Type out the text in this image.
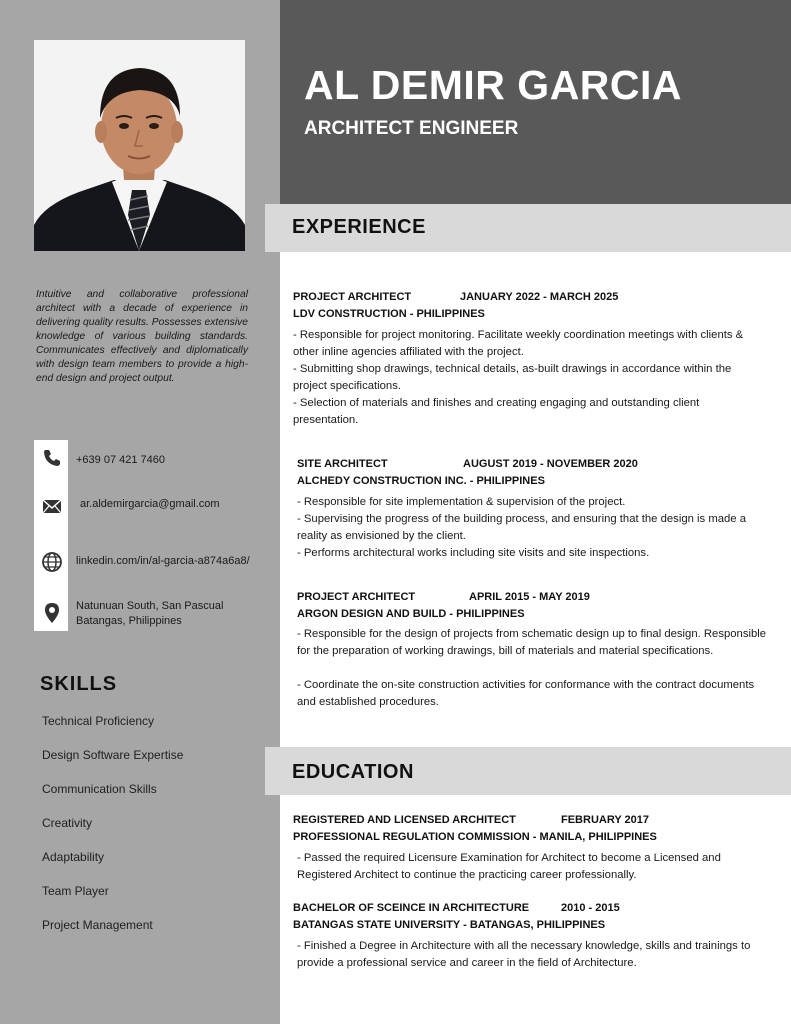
AL DEMIR GARCIA
ARCHITECT ENGINEER
Intuitive and collaborative professional architect with a decade of experience in delivering quality results. Possesses extensive knowledge of various building standards. Communicates effectively and diplomatically with design team members to provide a high-end design and project output.
+639 07 421 7460
ar.aldemirgarcia@gmail.com
linkedin.com/in/al-garcia-a874a6a8/
Natunuan South, San Pascual
Batangas, Philippines
SKILLS
Technical Proficiency
Design Software Expertise
Communication Skills
Creativity
Adaptability
Team Player
Project Management
EXPERIENCE
PROJECT ARCHITECT	JANUARY 2022 - MARCH 2025
LDV CONSTRUCTION - PHILIPPINES
- Responsible for project monitoring. Facilitate weekly coordination meetings with clients & other inline agencies affiliated with the project.
- Submitting shop drawings, technical details, as-built drawings in accordance within the project specifications.
- Selection of materials and finishes and creating engaging and outstanding client presentation.
SITE ARCHITECT	AUGUST 2019 - NOVEMBER 2020
ALCHEDY CONSTRUCTION INC. - PHILIPPINES
- Responsible for site implementation & supervision of the project.
- Supervising the progress of the building process, and ensuring that the design is made a reality as envisioned by the client.
- Performs architectural works including site visits and site inspections.
PROJECT ARCHITECT	APRIL 2015 - MAY 2019
ARGON DESIGN AND BUILD - PHILIPPINES
- Responsible for the design of projects from schematic design up to final design. Responsible for the preparation of working drawings, bill of materials and material specifications.
- Coordinate the on-site construction activities for conformance with the contract documents and established procedures.
EDUCATION
REGISTERED AND LICENSED ARCHITECT	FEBRUARY 2017
PROFESSIONAL REGULATION COMMISSION - MANILA, PHILIPPINES
- Passed the required Licensure Examination for Architect to become a Licensed and Registered Architect to continue the practicing career professionally.
BACHELOR OF SCEINCE IN ARCHITECTURE	2010 - 2015
BATANGAS STATE UNIVERSITY - BATANGAS, PHILIPPINES
- Finished a Degree in Architecture with all the necessary knowledge, skills and trainings to provide a professional service and career in the field of Architecture.
